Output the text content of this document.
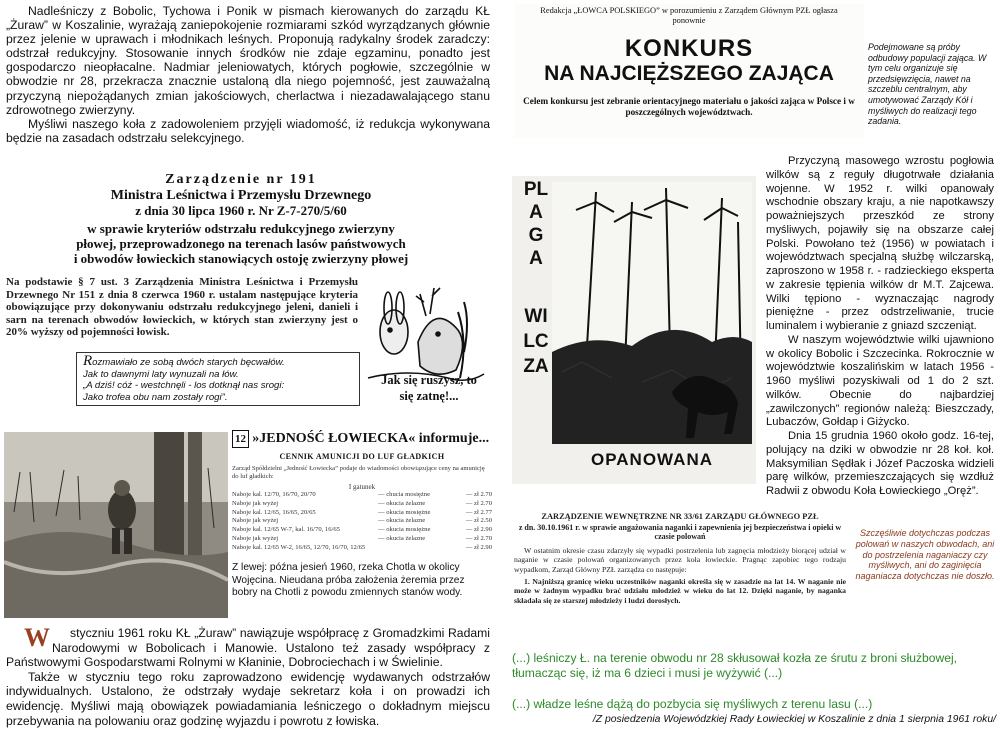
Nadleśniczy z Bobolic, Tychowa i Ponik w pismach kierowanych do zarządu KŁ „Żuraw” w Koszalinie, wyrażają zaniepokojenie rozmiarami szkód wyrządzanych głównie przez jelenie w uprawach i młodnikach leśnych. Proponują radykalny środek zaradczy: odstrzał redukcyjny. Stosowanie innych środków nie zdaje egzaminu, ponadto jest gospodarczo nieopłacalne. Nadmiar jeleniowatych, których pogłowie, szczególnie w obwodzie nr 28, przekracza znacznie ustaloną dla niego pojemność, jest zauważalną przyczyną niepożądanych zmian jakościowych, cherlactwa i niezadawalającego stanu zdrowotnego zwierzyny.

Myśliwi naszego koła z zadowoleniem przyjęli wiadomość, iż redukcja wykonywana będzie na zasadach odstrzału selekcyjnego.

Zarządzenie nr 191
Ministra Leśnictwa i Przemysłu Drzewnego
z dnia 30 lipca 1960 r. Nr Z-7-270/5/60
w sprawie kryteriów odstrzału redukcyjnego zwierzyny
płowej, przeprowadzonego na terenach lasów państwowych
i obwodów łowieckich stanowiących ostoję zwierzyny płowej
Na podstawie § 7 ust. 3 Zarządzenia Ministra Leśnictwa i Przemysłu Drzewnego Nr 151 z dnia 8 czerwca 1960 r. ustalam następujące kryteria obowiązujące przy dokonywaniu odstrzału redukcyjnego jeleni, danieli i sarn na terenach obwodów łowieckich, w których stan zwierzyny jest o 20% wyższy od pojemności łowisk.
Jak się ruszysz, to
się zatnę!...
Rozmawiało ze sobą dwóch starych bęcwałów.
Jak to dawnymi laty wynuzali na łów.
„A dziś! cóż - westchnęli - los dotknął nas srogi:
Jako trofea obu nam zostały rogi”.
12 »JEDNOŚĆ ŁOWIECKA« informuje...
CENNIK AMUNICJI DO LUF GŁADKICH
Zarząd Spółdzielni „Jedność Łowiecka” podaje do wiadomości obowiązujące ceny na amunicję do luf gładkich:
I gatunek
Naboje kal. 12/70, 16/70, 20/70	— chucia mosiężne	— zł 2.70
Naboje jak wyżej	— okucia żelazne	— zł 2.70
Naboje kal. 12/65, 16/65, 20/65	— okucia mosiężne	— zł 2.77
Naboje jak wyżej	— okucia żelazne	— zł 2.50
Naboje kal. 12/65 W-7, kal. 16/70, 16/65	— okucia mosiężne	— zł 2.90
Naboje jak wyżej	— okucia żelazne	— zł 2.70
Naboje kal. 12/65 W-2, 16/65, 12/70, 16/70, 12/65	— zł 2.90
Z lewej: późna jesień 1960, rzeka Chotla w okolicy Wojęcina. Nieudana próba założenia żeremia przez bobry na Chotli z powodu zmiennych stanów wody.

W styczniu 1961 roku KŁ „Żuraw” nawiązuje współpracę z Gromadzkimi Radami Narodowymi w Bobolicach i Manowie. Ustalono też zasady współpracy z Państwowymi Gospodarstwami Rolnymi w Kłaninie, Dobrociechach i w Świelinie.

Także w styczniu tego roku zaprowadzono ewidencję wydawanych odstrzałów indywidualnych. Ustalono, że odstrzały wydaje sekretarz koła i on prowadzi ich ewidencję. Myśliwi mają obowiązek powiadamiania leśniczego o dokładnym miejscu przebywania na polowaniu oraz godzinę wyjazdu i powrotu z łowiska.

Redakcja „ŁOWCA POLSKIEGO” w porozumieniu z Zarządem Głównym PZŁ ogłasza ponownie
KONKURS
NA NAJCIĘŻSZEGO ZAJĄCA
Celem konkursu jest zebranie orientacyjnego materiału o jakości zająca w Polsce i w poszczególnych województwach.
Podejmowane są próby odbudowy populacji zająca. W tym celu organizuje się przedsięwzięcia, nawet na szczeblu centralnym, aby umotywować Zarządy Kół i myśliwych do realizacji tego zadania.
PLAGA
WILCZA
OPANOWANA

Przyczyną masowego wzrostu pogłowia wilków są z reguły długotrwałe działania wojenne. W 1952 r. wilki opanowały wschodnie obszary kraju, a nie napotkawszy poważniejszych przeszkód ze strony myśliwych, pojawiły się na obszarze całej Polski. Powołano też (1956) w powiatach i województwach specjalną służbę wilczarską, zaproszono w 1958 r. - radzieckiego eksperta w zakresie tępienia wilków dr M.T. Zajcewa. Wilki tępiono - wyznaczając nagrody pieniężne - przez odstrzeliwanie, trucie luminalem i wybieranie z gniazd szczeniąt.

W naszym województwie wilki ujawniono w okolicy Bobolic i Szczecinka. Rokrocznie w województwie koszalińskim w latach 1956 - 1960 myśliwi pozyskiwali od 1 do 2 szt. wilków. Obecnie do najbardziej „zawilczonych” regionów należą: Bieszczady, Lubaczów, Gołdap i Giżycko.

Dnia 15 grudnia 1960 około godz. 16-tej, polujący na dziki w obwodzie nr 28 koł. koł. Maksymilian Sędłak i Józef Paczoska widzieli parę wilków, przemieszczających się wzdłuż Radwii z obwodu Koła Łowieckiego „Oręż”.

ZARZĄDZENIE WEWNĘTRZNE NR 33/61 ZARZĄDU GŁÓWNEGO PZŁ
z dn. 30.10.1961 r. w sprawie angażowania naganki i zapewnienia jej bezpieczeństwa i opieki w czasie polowań
W ostatnim okresie czasu zdarzyły się wypadki postrzelenia lub zagnęcia młodzieży biorącej udział w naganie w czasie polowań organizowanych przez koła łowieckie. Pragnąc zapobiec tego rodzaju wypadkom, Zarząd Główny PZŁ zarządza co następuje:
1. Najniższą granicę wieku uczestników naganki określa się w zasadzie na lat 14. W naganie nie może w żadnym wypadku brać udziału młodzież w wieku do lat 12. Dzięki naganie, by naganka składała się ze starszej młodzieży i ludzi dorosłych.
Szczęśliwie dotychczas podczas polowań w naszych obwodach, ani do postrzelenia naganiaczy czy myśliwych, ani do zaginięcia naganiacza dotychczas nie doszło.
(...) leśniczy Ł. na terenie obwodu nr 28 skłusował kozła ze śrutu z broni służbowej, tłumacząc się, iż ma 6 dzieci i musi je wyżywić (...)
(...) władze leśne dążą do pozbycia się myśliwych z terenu lasu (...)
/Z posiedzenia Wojewódzkiej Rady Łowieckiej w Koszalinie z dnia 1 sierpnia 1961 roku/
